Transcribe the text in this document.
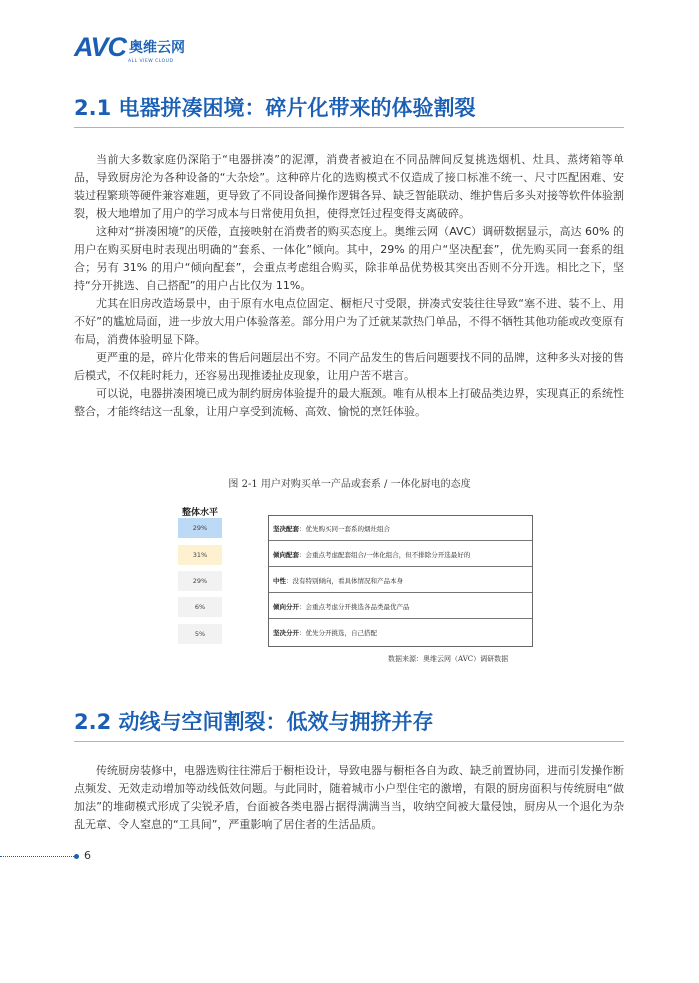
AVC 奥维云网
ALL VIEW CLOUD
2.1 电器拼凑困境：碎片化带来的体验割裂

当前大多数家庭仍深陷于“电器拼凑”的泥潭，消费者被迫在不同品牌间反复挑选烟机、灶具、蒸烤箱等单品，导致厨房沦为各种设备的“大杂烩”。这种碎片化的选购模式不仅造成了接口标准不统一、尺寸匹配困难、安装过程繁琐等硬件兼容难题，更导致了不同设备间操作逻辑各异、缺乏智能联动、维护售后多头对接等软件体验割裂，极大地增加了用户的学习成本与日常使用负担，使得烹饪过程变得支离破碎。

这种对“拼凑困境”的厌倦，直接映射在消费者的购买态度上。奥维云网（AVC）调研数据显示，高达 60% 的用户在购买厨电时表现出明确的“套系、一体化”倾向。其中，29% 的用户“坚决配套”，优先购买同一套系的组合；另有 31% 的用户“倾向配套”，会重点考虑组合购买，除非单品优势极其突出否则不分开选。相比之下，坚持“分开挑选、自己搭配”的用户占比仅为 11%。

尤其在旧房改造场景中，由于原有水电点位固定、橱柜尺寸受限，拼凑式安装往往导致“塞不进、装不上、用不好”的尴尬局面，进一步放大用户体验落差。部分用户为了迁就某款热门单品，不得不牺牲其他功能或改变原有布局，消费体验明显下降。

更严重的是，碎片化带来的售后问题层出不穷。不同产品发生的售后问题要找不同的品牌，这种多头对接的售后模式，不仅耗时耗力，还容易出现推诿扯皮现象，让用户苦不堪言。

可以说，电器拼凑困境已成为制约厨房体验提升的最大瓶颈。唯有从根本上打破品类边界，实现真正的系统性整合，才能终结这一乱象，让用户享受到流畅、高效、愉悦的烹饪体验。

图 2-1 用户对购买单一产品或套系 / 一体化厨电的态度
整体水平
29%
31%
29%
6%
5%
坚决配套 ： 优先购买同一套系的烟灶组合
倾向配套 ： 会重点考虑配套组合/一体化组合，但不排除分开选最好的
中性 ： 没有特别倾向，看具体情况和产品本身
倾向分开 ： 会重点考虑分开挑选各品类最优产品
坚决分开 ： 优先分开挑选，自己搭配
数据来源：奥维云网（AVC）调研数据
2.2 动线与空间割裂：低效与拥挤并存

传统厨房装修中，电器选购往往滞后于橱柜设计，导致电器与橱柜各自为政、缺乏前置协同，进而引发操作断点频发、无效走动增加等动线低效问题。与此同时，随着城市小户型住宅的激增，有限的厨房面积与传统厨电“做加法”的堆砌模式形成了尖锐矛盾，台面被各类电器占据得满满当当，收纳空间被大量侵蚀，厨房从一个退化为杂乱无章、令人窒息的“工具间”，严重影响了居住者的生活品质。

6
